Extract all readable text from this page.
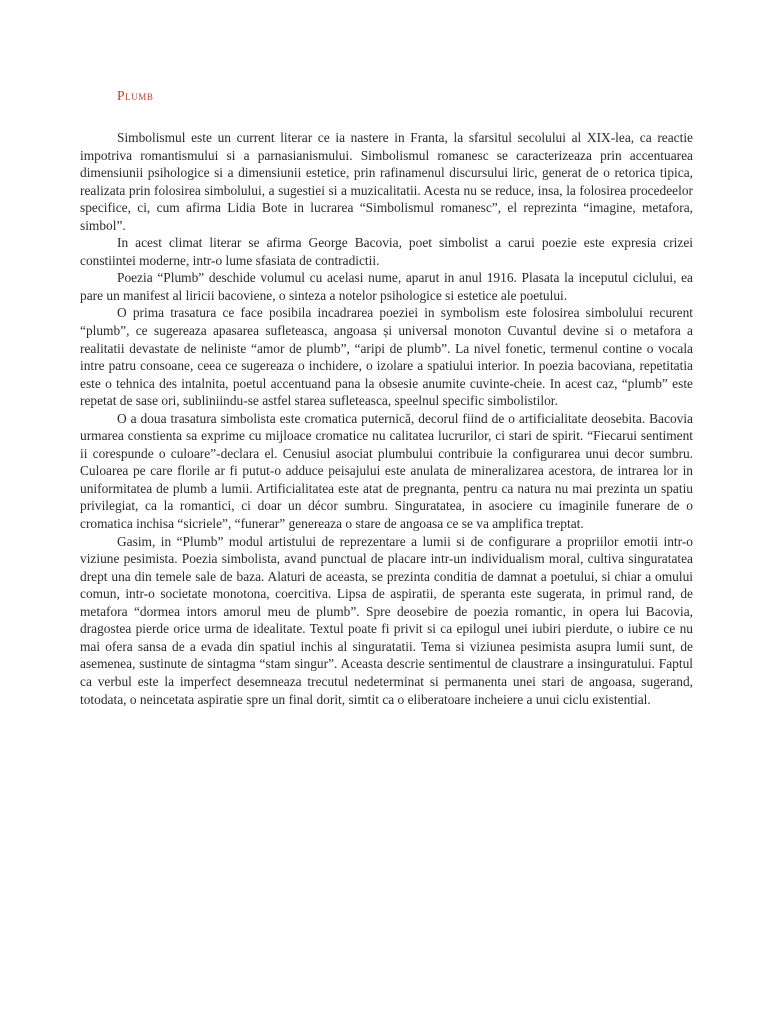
Plumb

Simbolismul este un current literar ce ia nastere in Franta, la sfarsitul secolului al XIX-lea, ca reactie impotriva romantismului si a parnasianismului. Simbolismul romanesc se caracterizeaza prin accentuarea dimensiunii psihologice si a dimensiunii estetice, prin rafinamenul discursului liric, generat de o retorica tipica, realizata prin folosirea simbolului, a sugestiei si a muzicalitatii. Acesta nu se reduce, insa, la folosirea procedeelor specifice, ci, cum afirma Lidia Bote in lucrarea “Simbolismul romanesc”, el reprezinta “imagine, metafora, simbol”.

In acest climat literar se afirma George Bacovia, poet simbolist a carui poezie este expresia crizei constiintei moderne, intr-o lume sfasiata de contradictii.

Poezia “Plumb” deschide volumul cu acelasi nume, aparut in anul 1916. Plasata la inceputul ciclului, ea pare un manifest al liricii bacoviene, o sinteza a notelor psihologice si estetice ale poetului.

O prima trasatura ce face posibila incadrarea poeziei in symbolism este folosirea simbolului recurent “plumb”, ce sugereaza apasarea sufleteasca, angoasa și universal monoton Cuvantul devine si o metafora a realitatii devastate de neliniste “amor de plumb”, “aripi de plumb”. La nivel fonetic, termenul contine o vocala intre patru consoane, ceea ce sugereaza o inchidere, o izolare a spatiului interior. In poezia bacoviana, repetitatia este o tehnica des intalnita, poetul accentuand pana la obsesie anumite cuvinte-cheie. In acest caz, “plumb” este repetat de sase ori, subliniindu-se astfel starea sufleteasca, speelnul specific simbolistilor.

O a doua trasatura simbolista este cromatica puternică, decorul fiind de o artificialitate deosebita. Bacovia urmarea constienta sa exprime cu mijloace cromatice nu calitatea lucrurilor, ci stari de spirit. “Fiecarui sentiment ii corespunde o culoare”-declara el. Cenusiul asociat plumbului contribuie la configurarea unui decor sumbru. Culoarea pe care florile ar fi putut-o adduce peisajului este anulata de mineralizarea acestora, de intrarea lor in uniformitatea de plumb a lumii. Artificialitatea este atat de pregnanta, pentru ca natura nu mai prezinta un spatiu privilegiat, ca la romantici, ci doar un décor sumbru. Singuratatea, in asociere cu imaginile funerare de o cromatica inchisa “sicriele”, “funerar” genereaza o stare de angoasa ce se va amplifica treptat.

Gasim, in “Plumb” modul artistului de reprezentare a lumii si de configurare a propriilor emotii intr-o viziune pesimista. Poezia simbolista, avand punctual de placare intr-un individualism moral, cultiva singuratatea drept una din temele sale de baza. Alaturi de aceasta, se prezinta conditia de damnat a poetului, si chiar a omului comun, intr-o societate monotona, coercitiva. Lipsa de aspiratii, de speranta este sugerata, in primul rand, de metafora “dormea intors amorul meu de plumb”. Spre deosebire de poezia romantic, in opera lui Bacovia, dragostea pierde orice urma de idealitate. Textul poate fi privit si ca epilogul unei iubiri pierdute, o iubire ce nu mai ofera sansa de a evada din spatiul inchis al singuratatii. Tema si viziunea pesimista asupra lumii sunt, de asemenea, sustinute de sintagma “stam singur”. Aceasta descrie sentimentul de claustrare a insinguratului. Faptul ca verbul este la imperfect desemneaza trecutul nedeterminat si permanenta unei stari de angoasa, sugerand, totodata, o neincetata aspiratie spre un final dorit, simtit ca o eliberatoare incheiere a unui ciclu existential.
